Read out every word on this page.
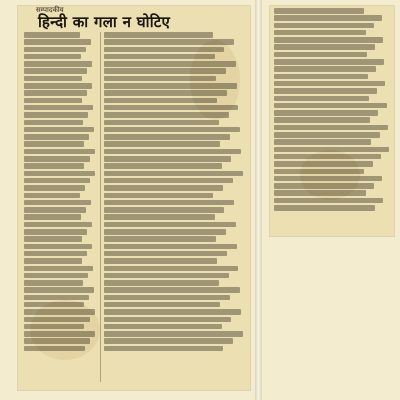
सम्पादकीय
हिन्दी का गला न घोटिए
